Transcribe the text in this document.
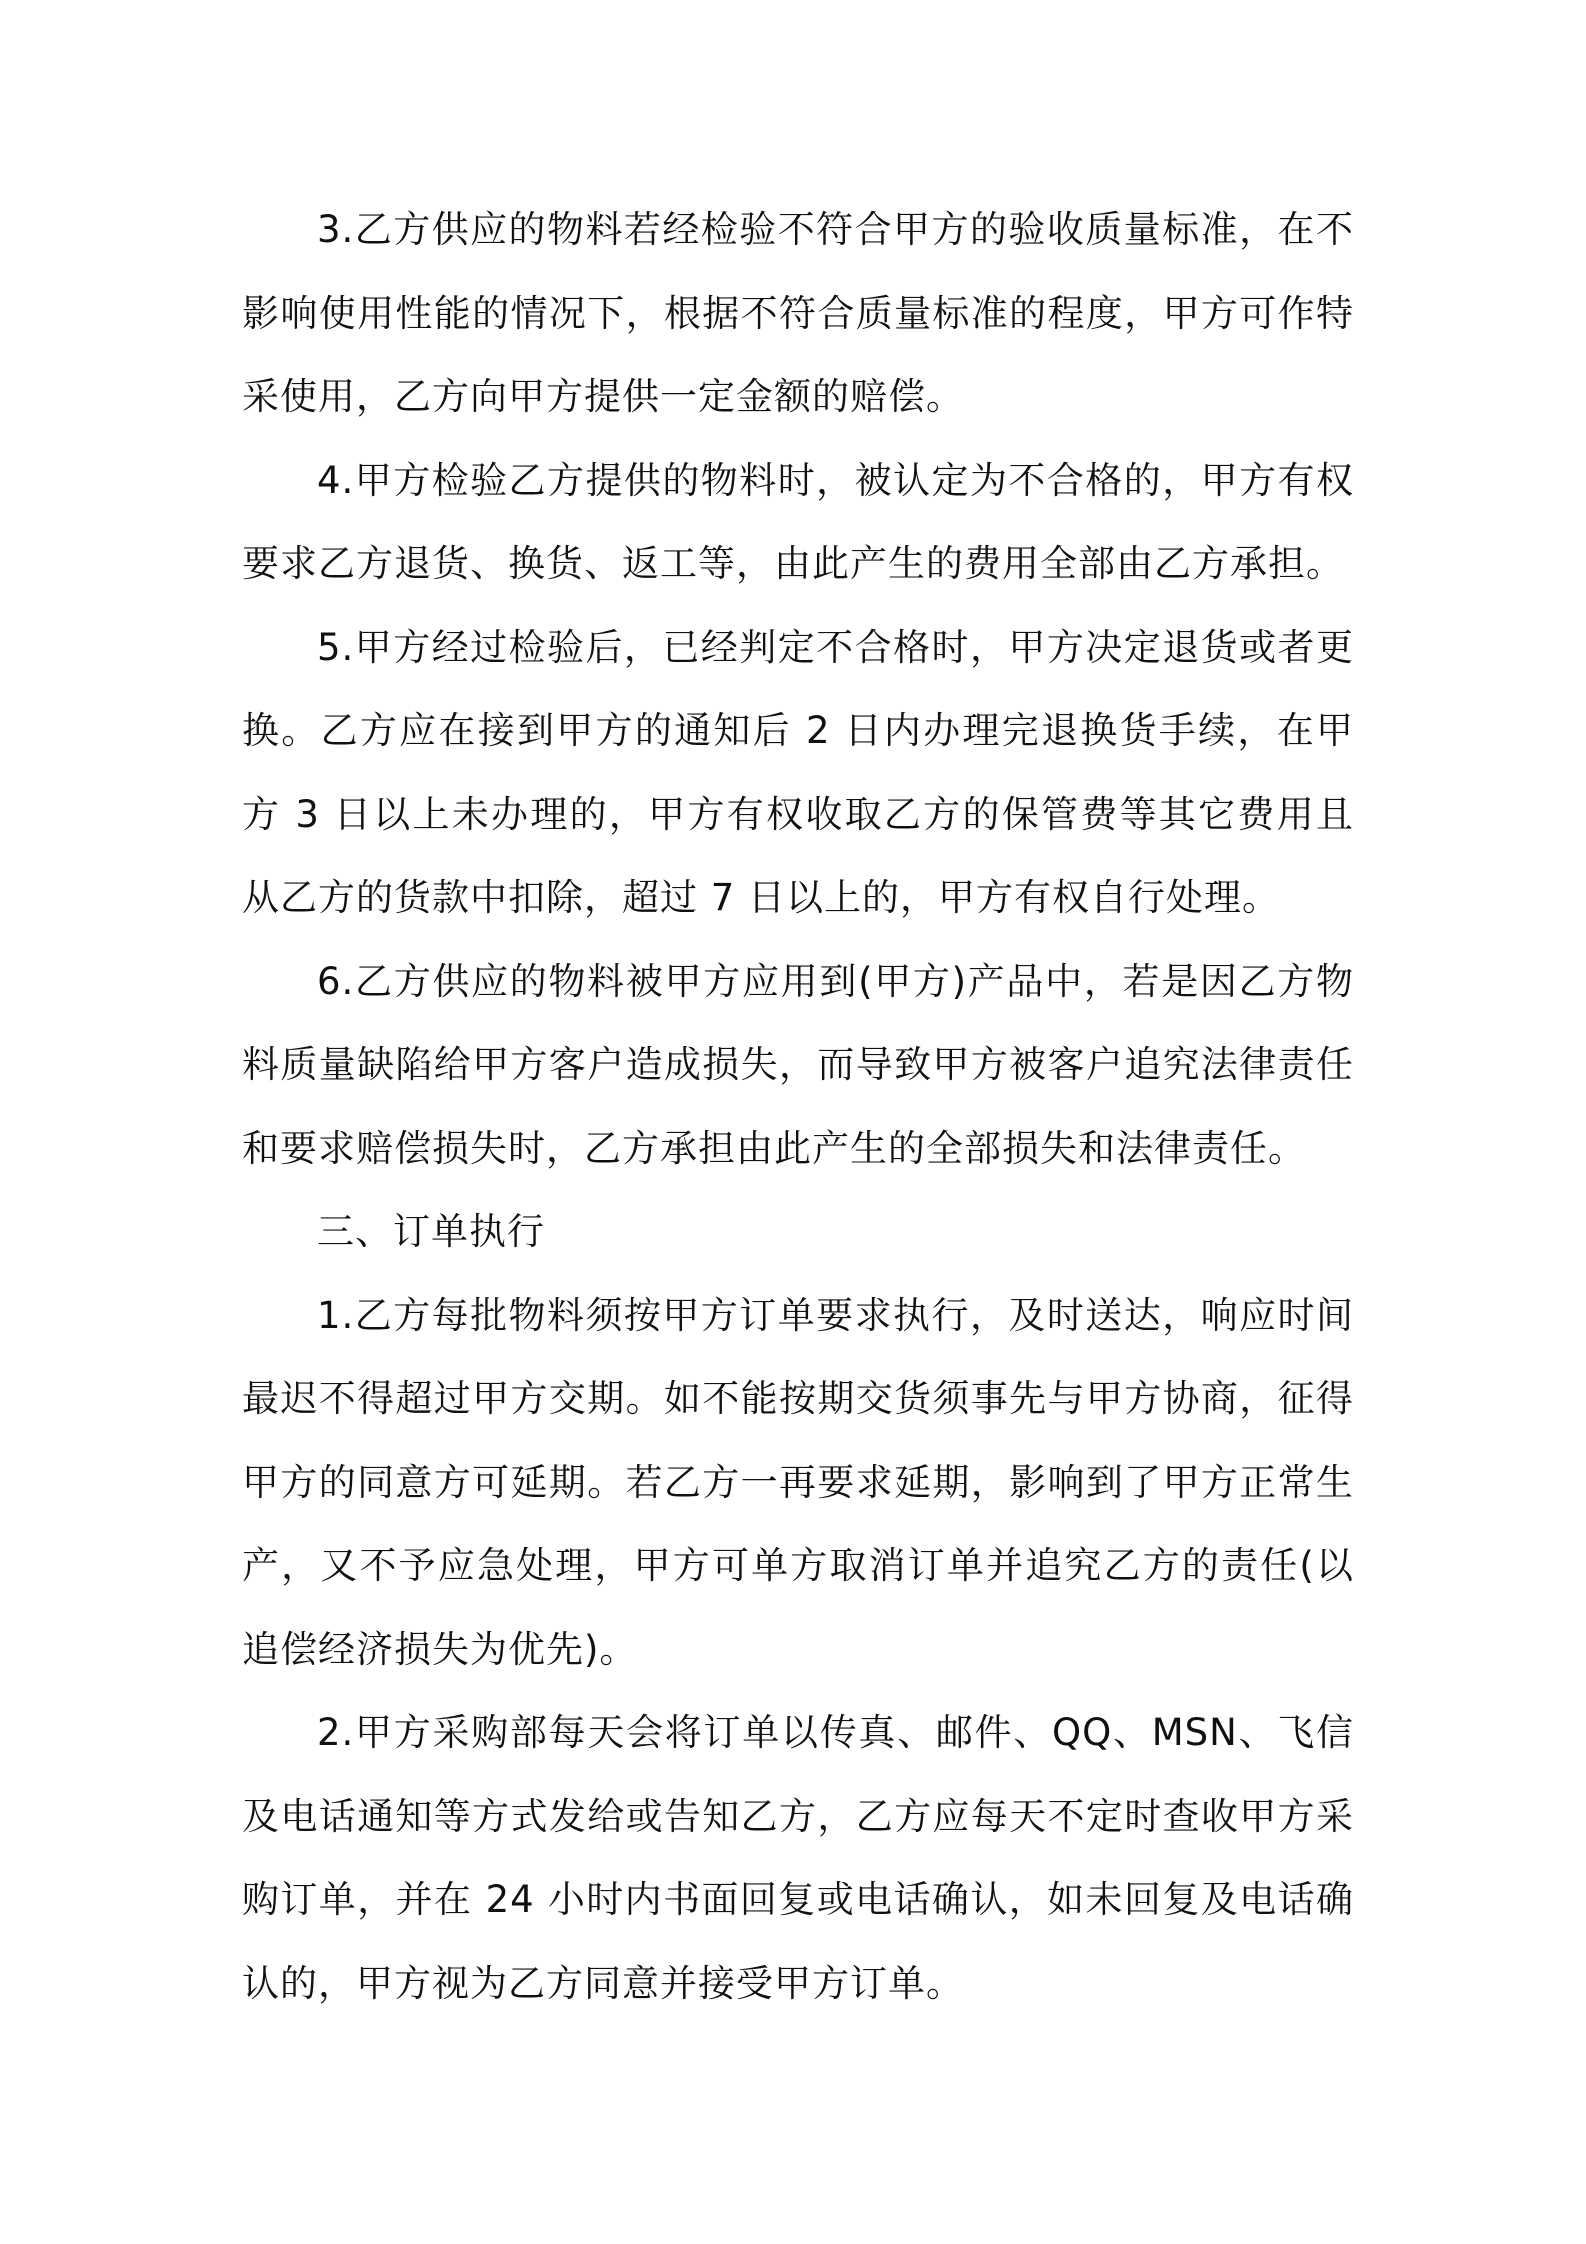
3.乙方供应的物料若经检验不符合甲方的验收质量标准，在不影响使用性能的情况下，根据不符合质量标准的程度，甲方可作特采使用，乙方向甲方提供一定金额的赔偿。

4.甲方检验乙方提供的物料时，被认定为不合格的，甲方有权要求乙方退货、换货、返工等，由此产生的费用全部由乙方承担。

5.甲方经过检验后，已经判定不合格时，甲方决定退货或者更换。乙方应在接到甲方的通知后 2 日内办理完退换货手续，在甲方 3 日以上未办理的，甲方有权收取乙方的保管费等其它费用且从乙方的货款中扣除，超过 7 日以上的，甲方有权自行处理。

6.乙方供应的物料被甲方应用到(甲方)产品中，若是因乙方物料质量缺陷给甲方客户造成损失，而导致甲方被客户追究法律责任和要求赔偿损失时，乙方承担由此产生的全部损失和法律责任。

三、订单执行

1.乙方每批物料须按甲方订单要求执行，及时送达，响应时间最迟不得超过甲方交期。如不能按期交货须事先与甲方协商，征得甲方的同意方可延期。若乙方一再要求延期，影响到了甲方正常生产，又不予应急处理，甲方可单方取消订单并追究乙方的责任(以追偿经济损失为优先)。

2.甲方采购部每天会将订单以传真、邮件、QQ、MSN、飞信及电话通知等方式发给或告知乙方，乙方应每天不定时查收甲方采购订单，并在 24 小时内书面回复或电话确认，如未回复及电话确认的，甲方视为乙方同意并接受甲方订单。
